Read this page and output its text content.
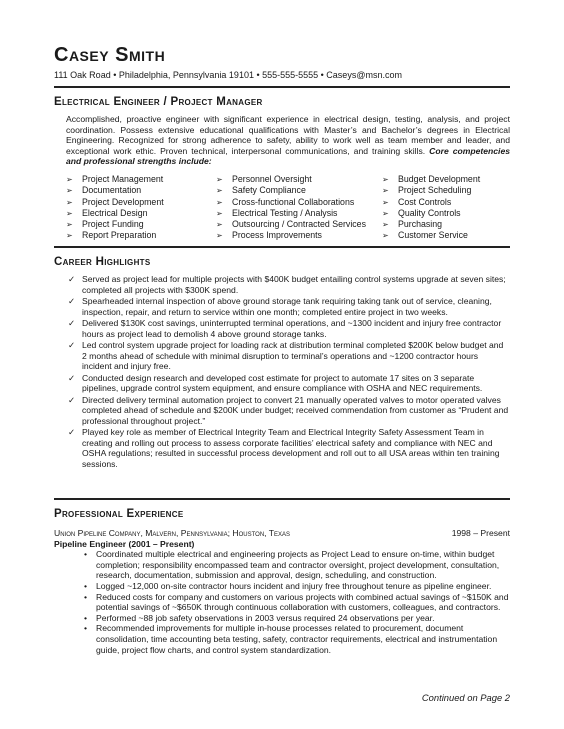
Casey Smith
111 Oak Road • Philadelphia, Pennsylvania 19101 • 555-555-5555 • Caseys@msn.com
Electrical Engineer / Project Manager

Accomplished, proactive engineer with significant experience in electrical design, testing, analysis, and project coordination. Possess extensive educational qualifications with Master’s and Bachelor’s degrees in Electrical Engineering. Recognized for strong adherence to safety, ability to work well as team member and leader, and exceptional work ethic. Proven technical, interpersonal communications, and training skills. Core competencies and professional strengths include:

➢ Project Management
➢ Documentation
➢ Project Development
➢ Electrical Design
➢ Project Funding
➢ Report Preparation
➢ Personnel Oversight
➢ Safety Compliance
➢ Cross-functional Collaborations
➢ Electrical Testing / Analysis
➢ Outsourcing / Contracted Services
➢ Process Improvements
➢ Budget Development
➢ Project Scheduling
➢ Cost Controls
➢ Quality Controls
➢ Purchasing
➢ Customer Service
Career Highlights
✓ Served as project lead for multiple projects with $400K budget entailing control systems upgrade at seven sites; completed all projects with $300K spend.
✓ Spearheaded internal inspection of above ground storage tank requiring taking tank out of service, cleaning, inspection, repair, and return to service within one month; completed entire project in two weeks.
✓ Delivered $130K cost savings, uninterrupted terminal operations, and ~1300 incident and injury free contractor hours as project lead to demolish 4 above ground storage tanks.
✓ Led control system upgrade project for loading rack at distribution terminal completed $200K below budget and 2 months ahead of schedule with minimal disruption to terminal’s operations and ~1200 contractor hours incident and injury free.
✓ Conducted design research and developed cost estimate for project to automate 17 sites on 3 separate pipelines, upgrade control system equipment, and ensure compliance with OSHA and NEC requirements.
✓ Directed delivery terminal automation project to convert 21 manually operated valves to motor operated valves completed ahead of schedule and $200K under budget; received commendation from customer as “Prudent and professional throughout project.”
✓ Played key role as member of Electrical Integrity Team and Electrical Integrity Safety Assessment Team in creating and rolling out process to assess corporate facilities’ electrical safety and compliance with NEC and OSHA regulations; resulted in successful process development and roll out to all USA areas within ten training sessions.
Professional Experience
Union Pipeline Company, Malvern, Pennsylvania; Houston, Texas	1998 – Present
Pipeline Engineer (2001 – Present)
• Coordinated multiple electrical and engineering projects as Project Lead to ensure on-time, within budget completion; responsibility encompassed team and contractor oversight, project development, consultation, research, documentation, submission and approval, design, scheduling, and construction.
• Logged ~12,000 on-site contractor hours incident and injury free throughout tenure as pipeline engineer.
• Reduced costs for company and customers on various projects with combined actual savings of ~$150K and potential savings of ~$650K through continuous collaboration with customers, colleagues, and contractors.
• Performed ~88 job safety observations in 2003 versus required 24 observations per year.
• Recommended improvements for multiple in-house processes related to procurement, document consolidation, time accounting beta testing, safety, contractor requirements, electrical and instrumentation guide, project flow charts, and control system standardization.
Continued on Page 2
